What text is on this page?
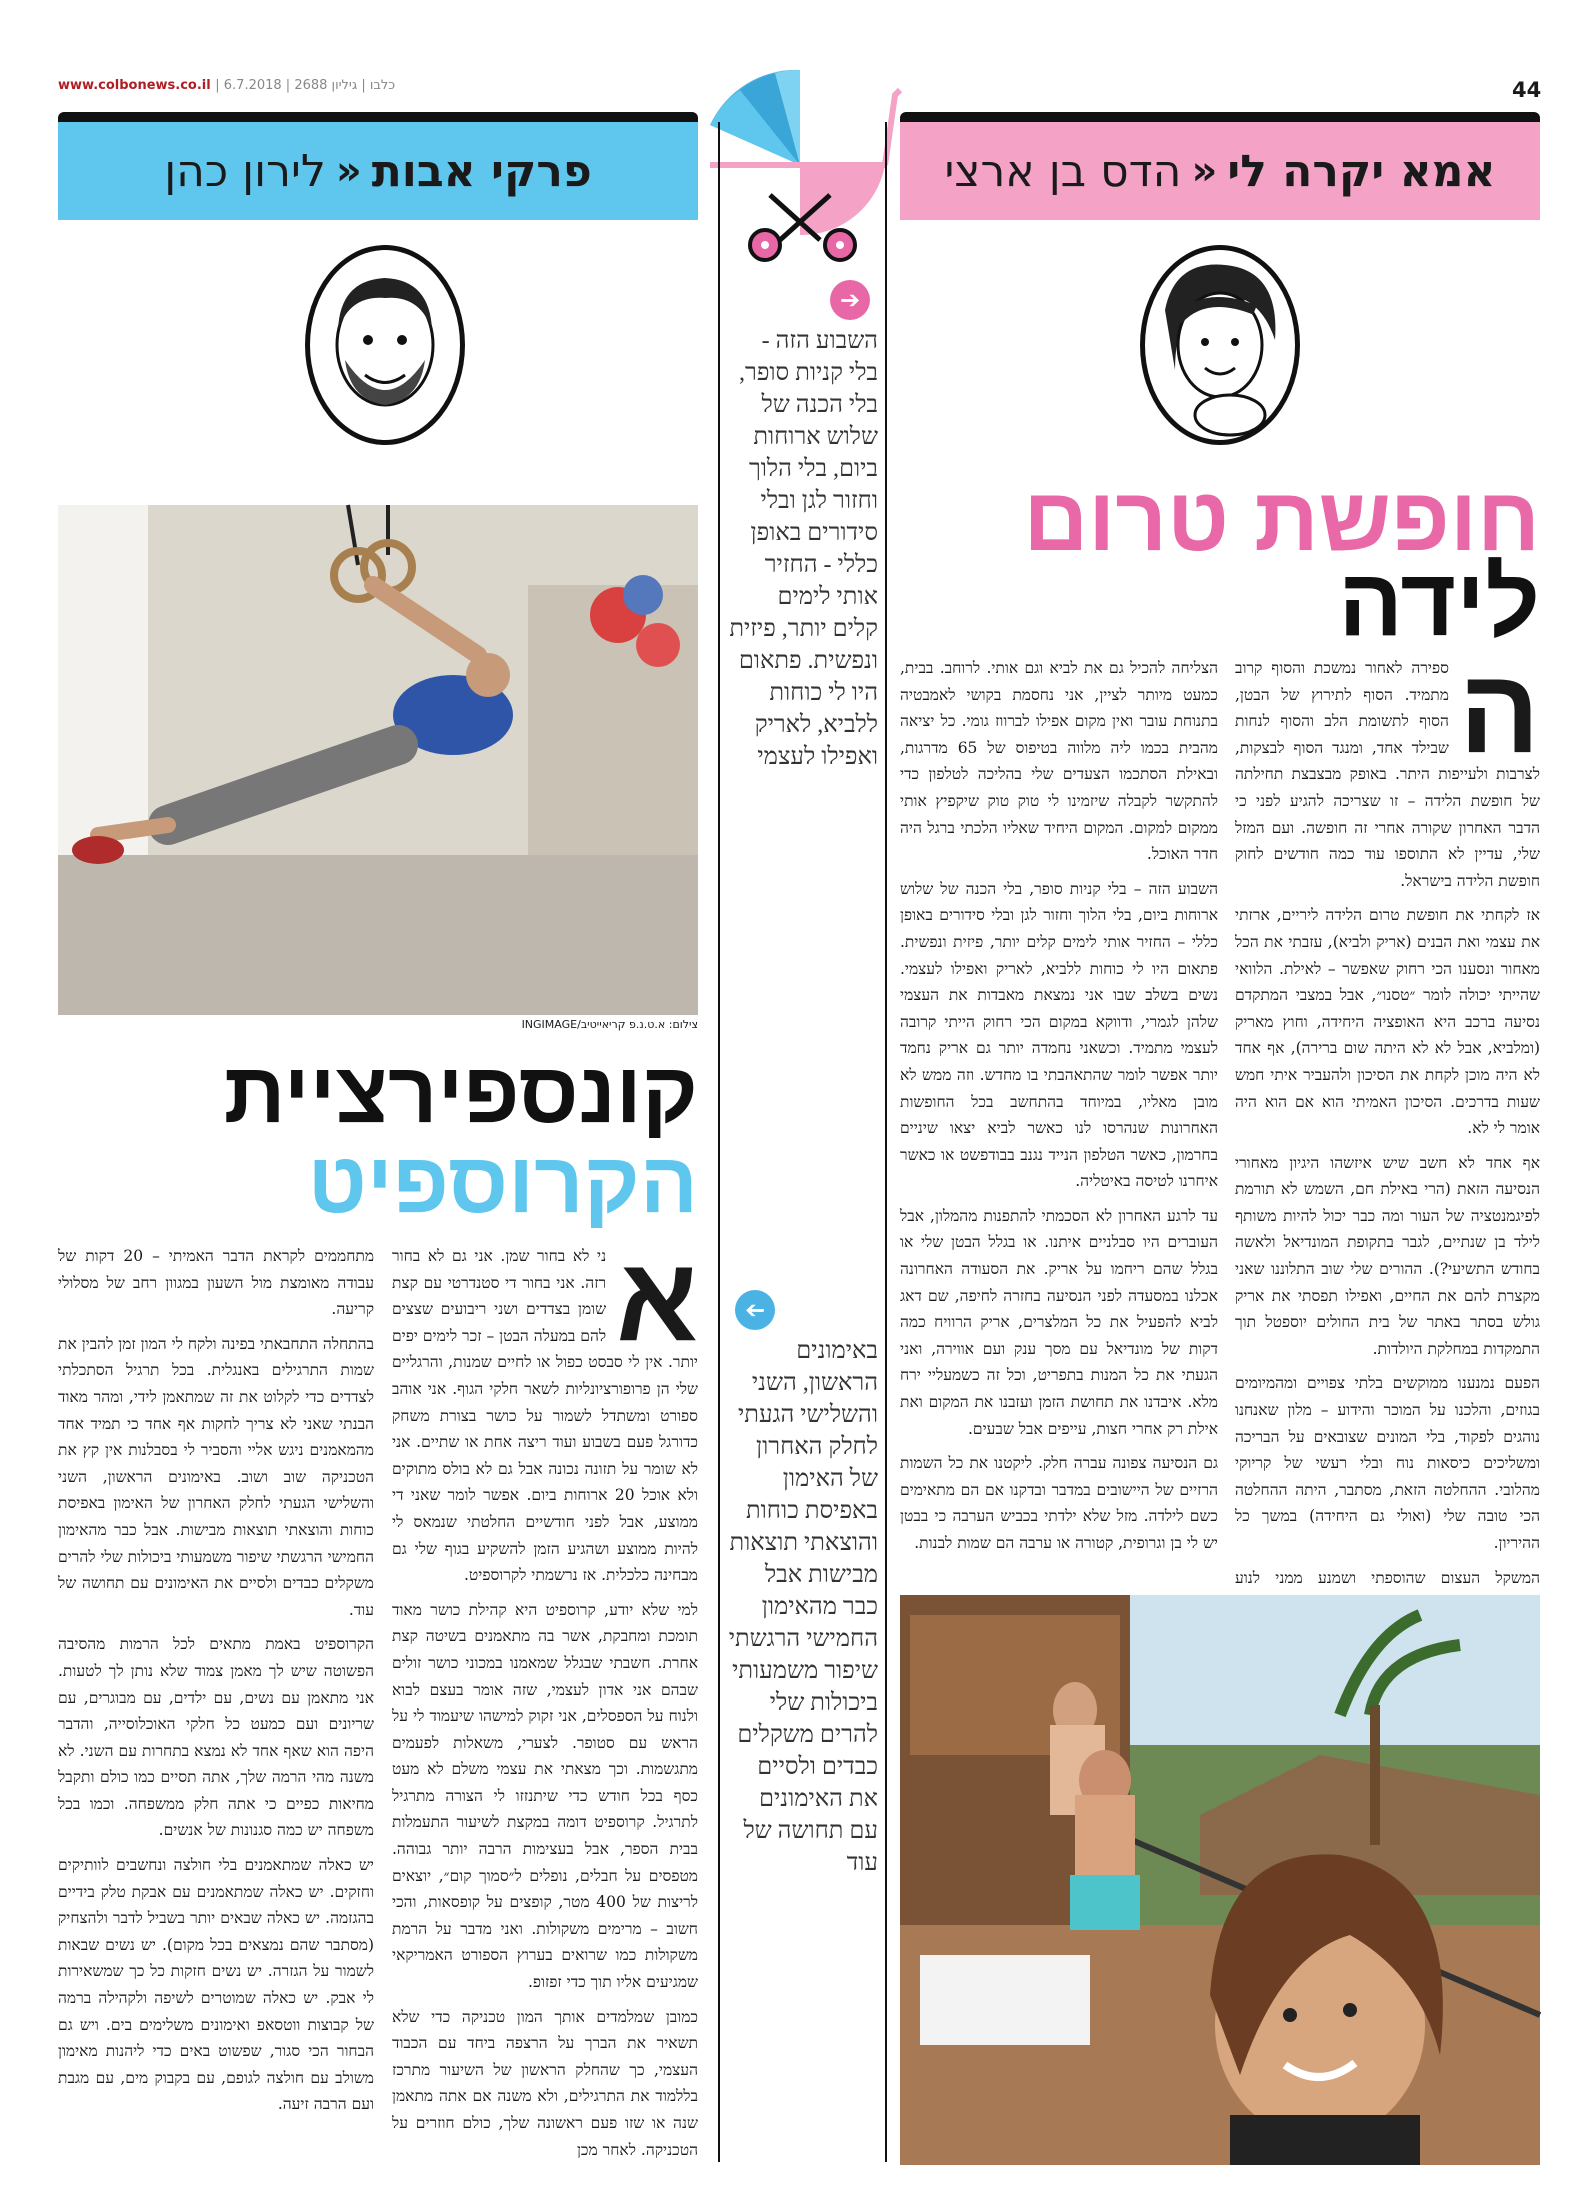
www.colbonews.co.il | כלבו | גיליון 2688 | 6.7.2018	44
פרקי אבות
«
לירון כהן	אמא יקרה לי
«
הדס בן ארצי
צילום: א.ט.נ.פ קריאייטיב/INGIMAGE
קונספירציית
הקרוספיט
א

ני לא בחור שמן. אני גם לא בחור רזה. אני בחור די סטנדרטי עם קצת שומן בצדדים ושני ריבועים שצצים להם במעלה הבטן – זכר לימים יפים יותר. אין לי סבסט כפול או לחיים שמנות, והרגליים שלי הן פרופורציונליות לשאר חלקי הגוף. אני אוהב ספורט ומשתדל לשמור על כושר בצורת משחק כדורגל פעם בשבוע ועוד ריצה אחת או שתיים. אני לא שומר על תזונה נכונה אבל גם לא בולס מתוקים ולא אוכל 20 ארוחות ביום. אפשר לומר שאני די ממוצע, אבל לפני חודשיים החלטתי שנמאס לי להיות ממוצע ושהגיע הזמן להשקיע בגוף שלי גם מבחינה כלכלית. אז נרשמתי לקרוספיט.

למי שלא יודע, קרוספיט היא קהילת כושר מאוד תומכת ומחבקת, אשר בה מתאמנים בשיטה קצת אחרת. חשבתי שבגלל שמאמנו במכוני כושר זולים שבהם אני אדון לעצמי, שזה אומר בעצם לבוא ולנוח על הספסלים, אני זקוק למישהו שיעמוד לי על הראש עם סטופר. לצערי, משאלות לפעמים מתגשמות. וכך מצאתי את עצמי משלם לא מעט כסף בכל חודש כדי שיתנזזו לי הצורה מתרגיל לתרגיל. קרוספיט דומה במקצת לשיעור התעמלות בבית הספר, אבל בעצימות הרבה יותר גבוהה. מטפסים על חבלים, נופלים ל״סמוך קום״, יוצאים לריצות של 400 מטר, קופצים על קופסאות, והכי חשוב – מרימים משקולות. ואני מדבר על הרמת משקולות כמו שרואים בערוץ הספורט האמריקאי שמגיעים אליו תוך כדי זפזופ.

כמובן שמלמדים אותך המון טכניקה כדי שלא תשאיר את הברך על הרצפה ביחד עם הכבוד העצמי, כך שהחלק הראשון של השיעור מתרכז בללמוד את התרגילים, ולא משנה אם אתה מתאמן שנה או שזו פעם ראשונה שלך, כולם חוזרים על הטכניקה. לאחר מכן

מתחממים לקראת הדבר האמיתי – 20 דקות של עבודה מאומצת מול השעון במגוון רחב של מסלולי קריעה.

בהתחלה התחבאתי בפינה ולקח לי המון זמן להבין את שמות התרגילים באנגלית. בכל תרגיל הסתכלתי לצדדים כדי לקלוט את זה שמתאמן לידי, ומהר מאוד הבנתי שאני לא צריך לחקות אף אחד כי תמיד אחד מהמאמנים ניגש אליי והסביר לי בסבלנות אין קץ את הטכניקה שוב ושוב. באימונים הראשון, השני והשלישי הגעתי לחלק האחרון של האימון באפיסת כוחות והוצאתי תוצאות מבישות. אבל כבר מהאימון החמישי הרגשתי שיפור משמעותי ביכולות שלי להרים משקלים כבדים ולסיים את האימונים עם תחושה של עוד.

הקרוספיט באמת מתאים לכל הרמות מהסיבה הפשוטה שיש לך מאמן צמוד שלא נותן לך לטעות. אני מתאמן עם נשים, עם ילדים, עם מבוגרים, עם שריונים ועם כמעט כל חלקי האוכלוסייה, והדבר היפה הוא שאף אחד לא נמצא בתחרות עם השני. לא משנה מהי הרמה שלך, אתה תסיים כמו כולם ותקבל מחיאות כפיים כי אתה חלק ממשפחה. וכמו בכל משפחה יש כמה סגנונות של אנשים.

יש כאלה שמתאמנים בלי חולצה ונחשבים לוותיקים וחזקים. יש כאלה שמתאמנים עם אבקת טלק בידיים בהגזמה. יש כאלה שבאים יותר בשביל לדבר ולהצחיק (מסתבר שהם נמצאים בכל מקום). יש נשים שבאות לשמור על הגזרה. יש נשים חזקות כל כך שמשאירות לי אבק. יש כאלה שמוטרים לשיפה ולקהילה ברמה של קבוצות ווטסאפ ואימונים משלימים בים. ויש גם הבחור הכי סגור, שפשוט באים כדי ליהנות מאימון משולב עם חולצה לגופם, עם בקבוק מים, עם מגבת ועם הרבה זיעה.

➔
השבוע הזה - בלי קניות סופר, בלי הכנה של שלוש ארוחות ביום, בלי הלוך וחזור לגן ובלי סידורים באופן כללי - החזיר אותי לימים קלים יותר, פיזית ונפשית. פתאום היו לי כוחות ללביא, לאריק ואפילו לעצמי
➔
באימונים הראשון, השני והשלישי הגעתי לחלק האחרון של האימון באפיסת כוחות והוצאתי תוצאות מבישות אבל כבר מהאימון החמישי הרגשתי שיפור משמעותי ביכולות שלי להרים משקלים כבדים ולסיים את האימונים עם תחושה של עוד
חופשת טרום
לידה
ה

ספירה לאחור נמשכת והסוף קרוב מתמיד. הסוף לתירוץ של הבטן, הסוף לתשומת הלב והסוף לנחות שבילד אחד, ומנגד הסוף לבצקות, לצרבות ולעייפות היתר. באופק מבצבצת תחילתה של חופשת הלידה – זו שצריכה להגיע לפני כי הדבר האחרון שקורה אחרי זה חופשה. ועם המזל שלי, עדיין לא התוספו עוד כמה חודשים לחוק חופשת הלידה בישראל.

אז לקחתי את חופשת טרום הלידה ליריים, ארזתי את עצמי ואת הבנים (אריק ולביא), עזבתי את הכל מאחור ונסענו הכי רחוק שאפשר – לאילת. הלוואי שהייתי יכולה לומר ״טסנו״, אבל במצבי המתקדם נסיעה ברכב היא האופציה היחידה, וחוץ מאריק (ומלביא, אבל לא לא היתה שום ברירה), אף אחד לא היה מוכן לקחת את הסיכון ולהעביר איתי חמש שעות בדרכים. הסיכון האמיתי הוא אם הוא היה אומר לי לא.

אף אחד לא חשב שיש איזשהו היגיון מאחורי הנסיעה הזאת (הרי באילת חם, השמש לא תורמת לפיגמנטציה של העור ומה כבר יכול להיות משותף לילד בן שנתיים, לגבר בתקופת המונדיאל ולאשה בחודש התשיעי?). ההורים שלי שוב התלוננו שאני מקצרת להם את החיים, ואפילו תפסתי את אריק גולש בסתר באתר של בית החולים יוספטל תוך התמקדות במחלקת היולדות.

הפעם נמנענו ממוקשים בלתי צפויים ומהמיומים בגוזים, והלכנו על המוכר והידוע – מלון שאנחנו נוהגים לפקוד, בלי המונים שצובאים על הבריכה ומשליכים כיסאות נוח ובלי רעשי של קריוקי מהלובי. ההחלטה הזאת, מסתבר, היתה ההחלטה הכי טובה שלי (ואולי גם היחידה) במשך כל ההיריון.

המשקל העצום שהוספתי ושמנע ממני לנוע

הצליחה להכיל גם את לביא וגם אותי. לרוחב. בבית, כמעט מיותר לציין, אני נחסמת בקושי לאמבטיה בתנוחת עובר ואין מקום אפילו לברווז גומי. כל יציאה מהבית בכמו ליה מלווה בטיפוס של 65 מדרגות, ובאילת הסתכמו הצעדים שלי בהליכה לטלפון כדי להתקשר לקבלה שיזמינו לי טוק טוק שיקפיץ אותי ממקום למקום. המקום היחיד שאליו הלכתי ברגל היה חדר האוכל.

השבוע הזה – בלי קניות סופר, בלי הכנה של שלוש ארוחות ביום, בלי הלוך וחזור לגן ובלי סידורים באופן כללי – החזיר אותי לימים קלים יותר, פיזית ונפשית. פתאום היו לי כוחות ללביא, לאריק ואפילו לעצמי. נשים בשלב שבו אני נמצאת מאבדות את העצמי שלהן לגמרי, ודווקא במקום הכי רחוק הייתי קרובה לעצמי מתמיד. וכשאני נחמדה יותר גם אריק נחמד יותר אפשר לומר שהתאהבתי בו מחדש. וזה ממש לא מובן מאליו, במיוחד בהתחשב בכל החופשות האחרונות שנהרסו לנו כאשר לביא יצאו שיניים בחרמון, כאשר הטלפון הנייד נגנב בבודפשט או כאשר איחרנו לטיסה באיטליה.

עד לרגע האחרון לא הסכמתי להתפנות מהמלון, אבל העוברים היו סבלניים איתנו. או בגלל הבטן שלי או בגלל שהם ריחמו על אריק. את הסעודה האחרונה אכלנו במסעדה לפני הנסיעה בחזרה לחיפה, שם דאג לביא להפעיל את כל המלצרים, אריק הרוויח כמה דקות של מונדיאל עם מסך ענק ועם אווירה, ואני הגעתי את כל המנות בתפריט, וכל זה כשמעליי ירח מלא. איבדנו את תחושת הזמן ועזבנו את המקום ואת אילת רק אחרי חצות, עייפים אבל שבעים.

גם הנסיעה צפונה עברה חלק. ליקטנו את כל השמות הרזיים של היישובים במדבר ובדקנו אם הם מתאימים כשם לילדה. מזל שלא ילדתי בכביש הערבה כי בבטן יש לי בן וגרופית, קטורה או ערבה הם שמות לבנות.
